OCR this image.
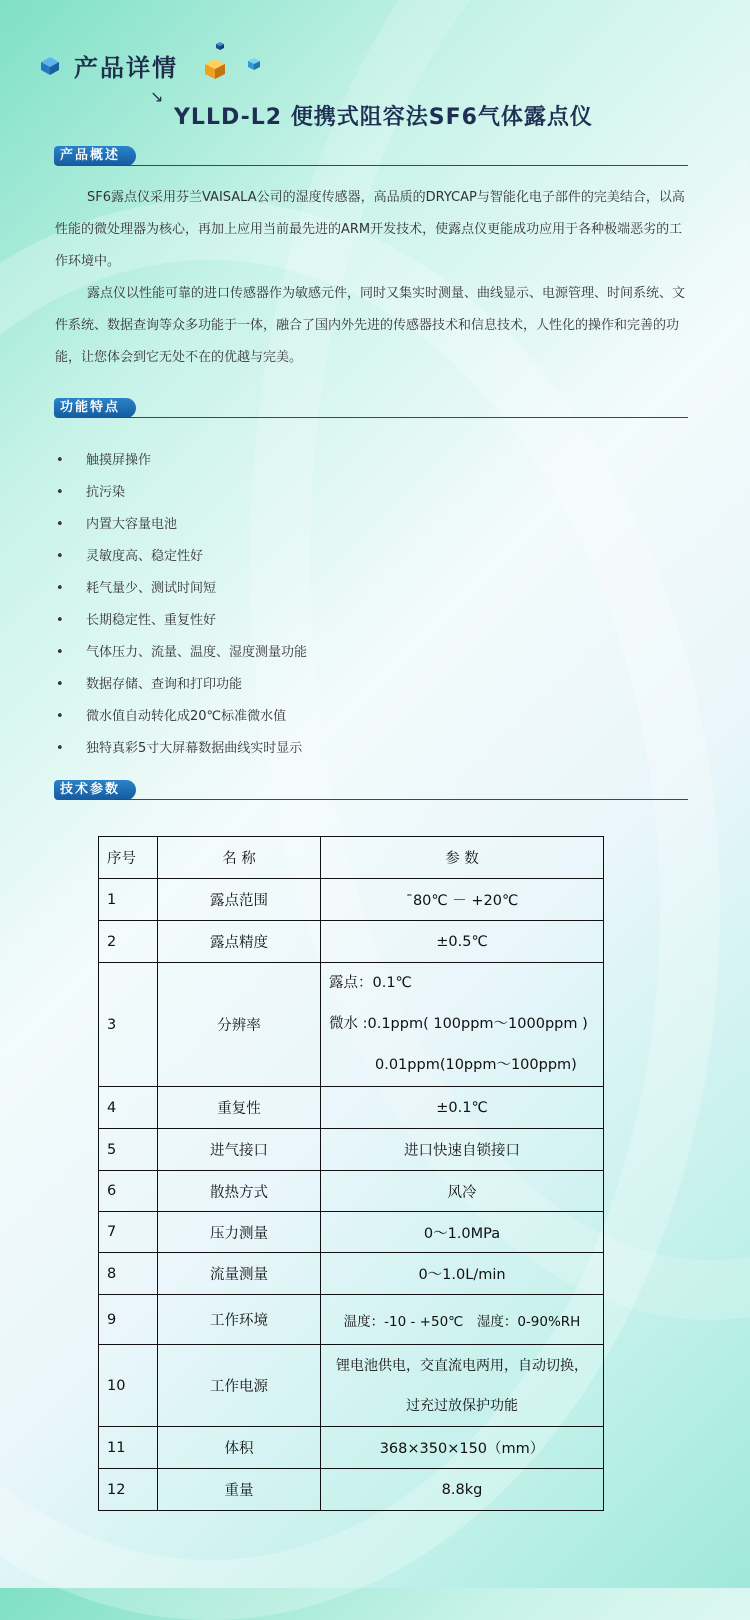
产品详情
↘
YLLD-L2 便携式阻容法SF6气体露点仪
产品概述

SF6露点仪采用芬兰VAISALA公司的湿度传感器，高品质的DRYCAP与智能化电子部件的完美结合，以高性能的微处理器为核心，再加上应用当前最先进的ARM开发技术，使露点仪更能成功应用于各种极端恶劣的工作环境中。

露点仪以性能可靠的进口传感器作为敏感元件，同时又集实时测量、曲线显示、电源管理、时间系统、文件系统、数据查询等众多功能于一体，融合了国内外先进的传感器技术和信息技术，人性化的操作和完善的功能，让您体会到它无处不在的优越与完美。

功能特点
• 触摸屏操作
• 抗污染
• 内置大容量电池
• 灵敏度高、稳定性好
• 耗气量少、测试时间短
• 长期稳定性、重复性好
• 气体压力、流量、温度、湿度测量功能
• 数据存储、查询和打印功能
• 微水值自动转化成20℃标准微水值
• 独特真彩5寸大屏幕数据曲线实时显示
技术参数
序号	名 称	参 数
1	露点范围	ˉ80℃ － +20℃
2	露点精度	±0.5℃
3	分辨率	露点：0.1℃
微水 :0.1ppm( 100ppm～1000ppm )
0.01ppm(10ppm～100ppm)

4	重复性	±0.1℃
5	进气接口	进口快速自锁接口
6	散热方式	风冷
7	压力测量	0～1.0MPa
8	流量测量	0～1.0L/min
9	工作环境	温度：-10 - +50℃　湿度：0-90%RH
10	工作电源	锂电池供电，交直流电两用，自动切换，
过充过放保护功能

11	体积	368×350×150（mm）
12	重量	8.8kg
